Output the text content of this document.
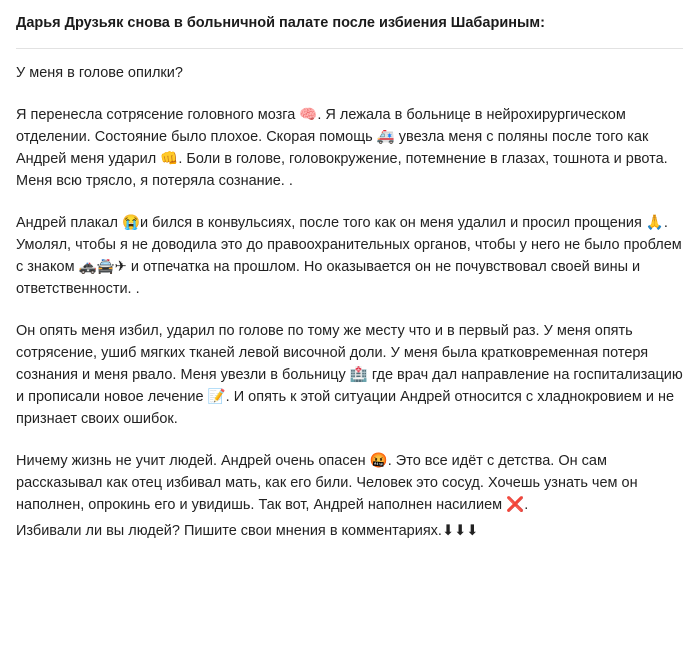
Дарья Друзьяк снова в больничной палате после избиения Шабариным:

У меня в голове опилки?

Я перенесла сотрясение головного мозга 🧠. Я лежала в больнице в нейрохирургическом отделении. Состояние было плохое. Скорая помощь 🚑 увезла меня с поляны после того как Андрей меня ударил 👊. Боли в голове, головокружение, потемнение в глазах, тошнота и рвота. Меня всю трясло, я потеряла сознание. .

Андрей плакал 😭и бился в конвульсиях, после того как он меня удалил и просил прощения 🙏. Умолял, чтобы я не доводила это до правоохранительных органов, чтобы у него не было проблем с знаком 🚓🚔✈ и отпечатка на прошлом. Но оказывается он не почувствовал своей вины и ответственности. .

Он опять меня избил, ударил по голове по тому же месту что и в первый раз. У меня опять сотрясение, ушиб мягких тканей левой височной доли. У меня была кратковременная потеря сознания и меня рвало. Меня увезли в больницу 🏥 где врач дал направление на госпитализацию и прописали новое лечение 📝. И опять к этой ситуации Андрей относится с хладнокровием и не признает своих ошибок.

Ничему жизнь не учит людей. Андрей очень опасен 🤬. Это все идёт с детства. Он сам рассказывал как отец избивал мать, как его били. Человек это сосуд. Хочешь узнать чем он наполнен, опрокинь его и увидишь. Так вот, Андрей наполнен насилием ❌.

Избивали ли вы людей? Пишите свои мнения в комментариях.⬇⬇⬇
